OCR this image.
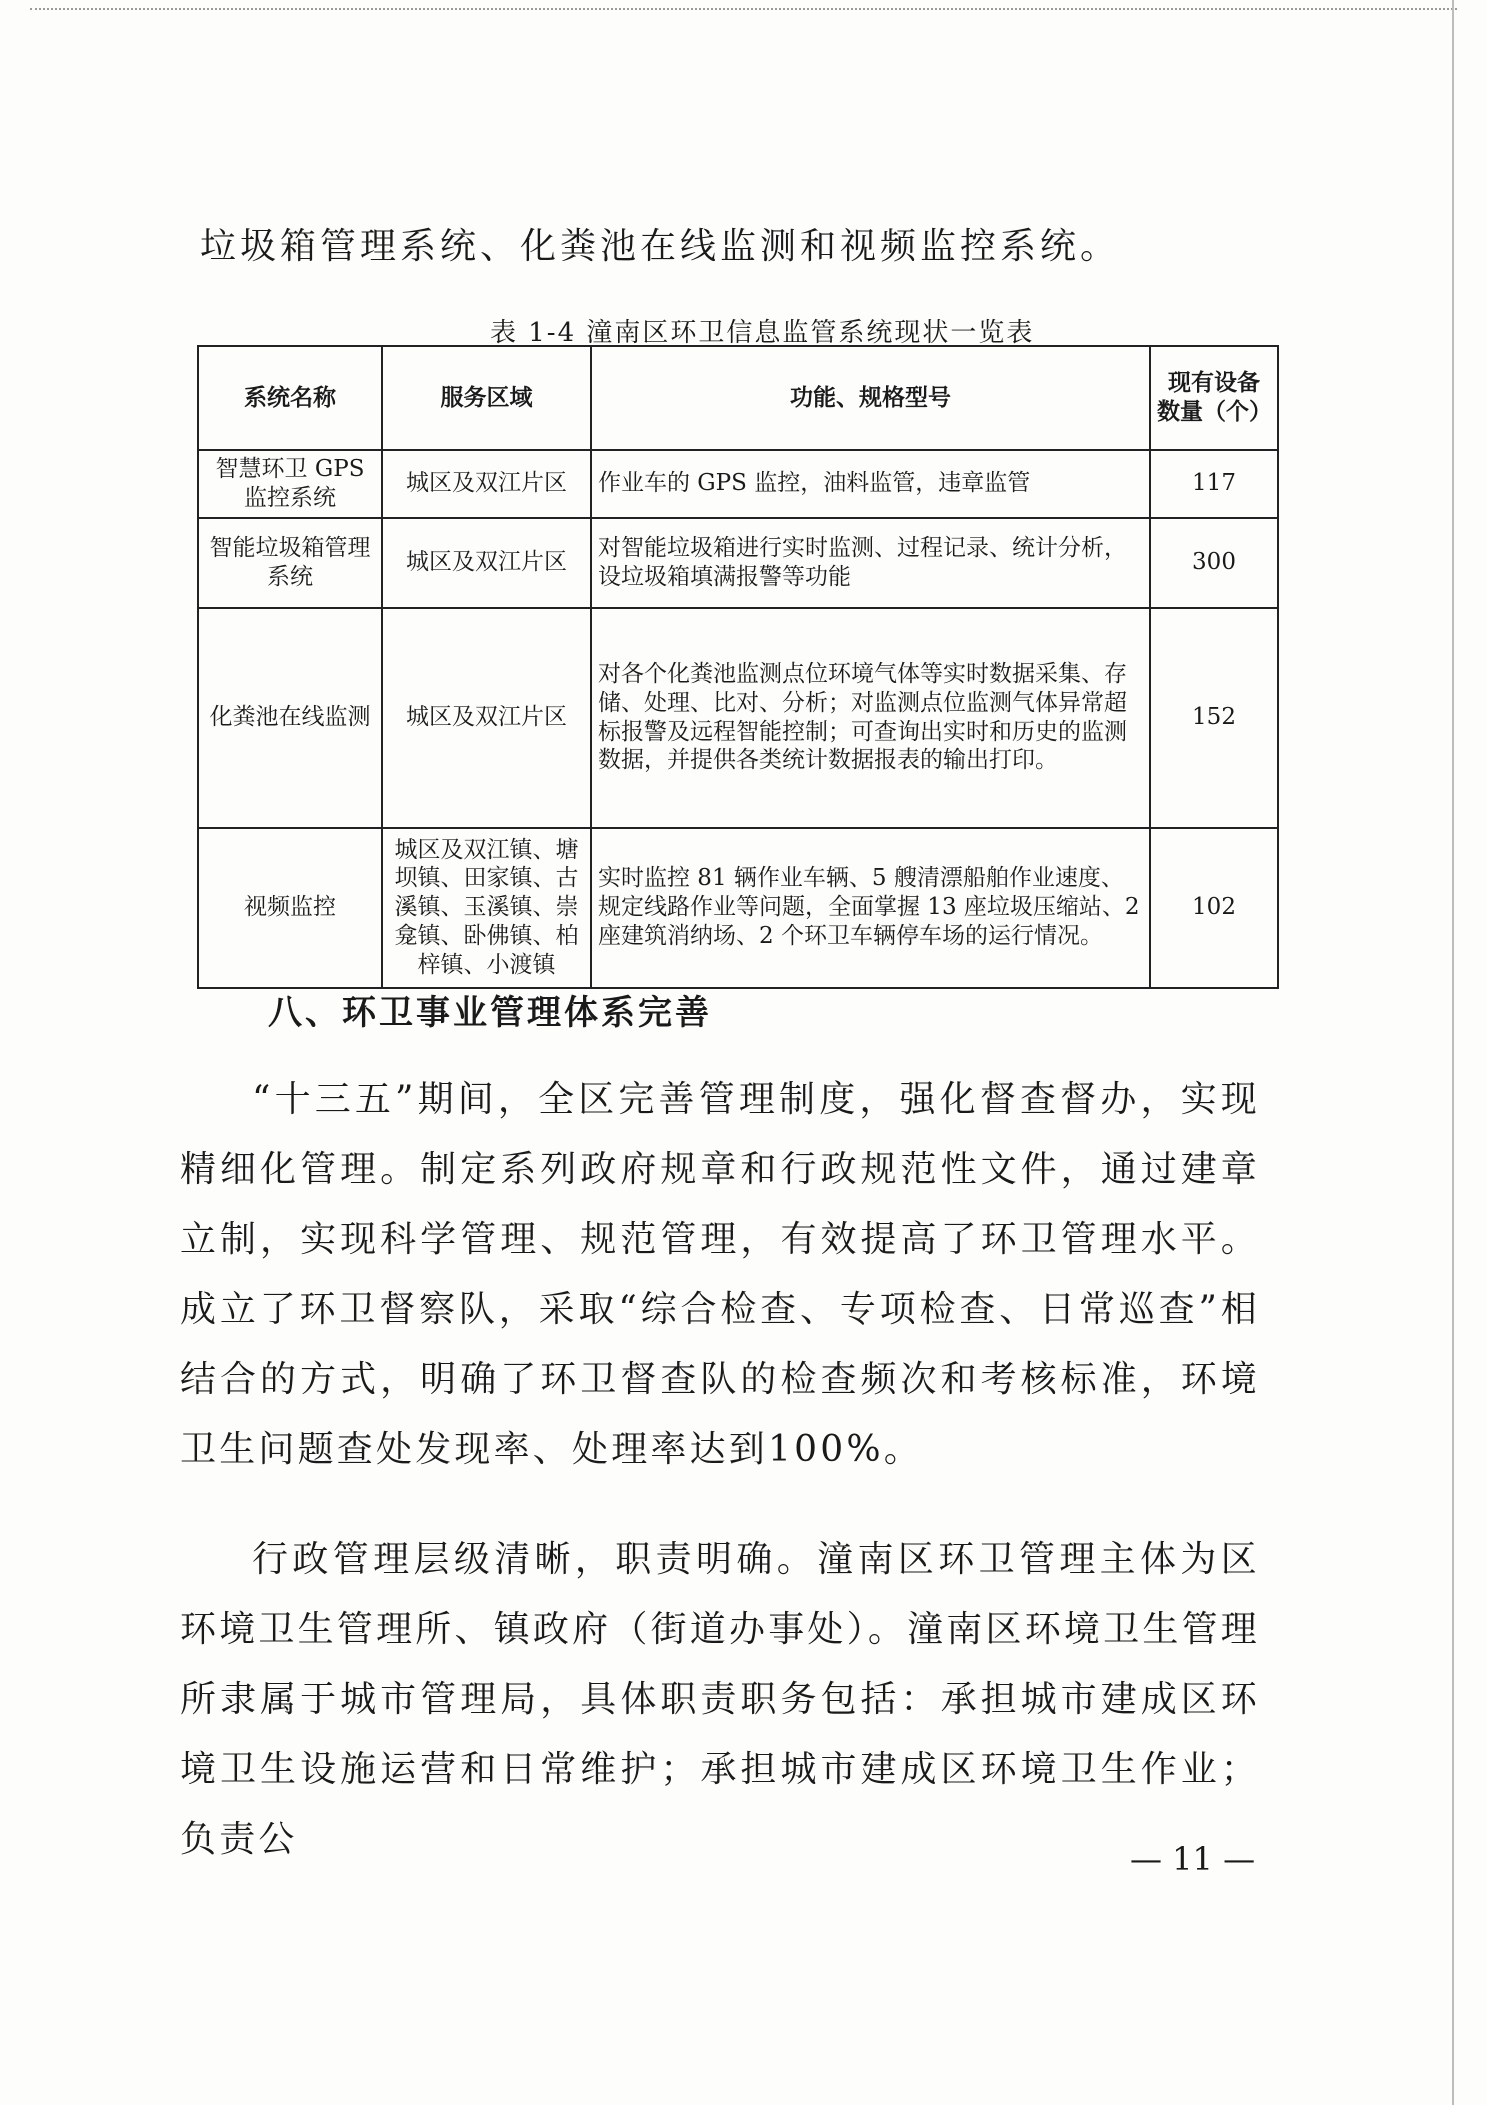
垃圾箱管理系统、化粪池在线监测和视频监控系统。

表 1-4 潼南区环卫信息监管系统现状一览表

系统名称	服务区域	功能、规格型号	现有设备数量（个）
智慧环卫 GPS 监控系统	城区及双江片区	作业车的 GPS 监控，油料监管，违章监管	117
智能垃圾箱管理系统	城区及双江片区	对智能垃圾箱进行实时监测、过程记录、统计分析，设垃圾箱填满报警等功能	300
化粪池在线监测	城区及双江片区	对各个化粪池监测点位环境气体等实时数据采集、存储、处理、比对、分析；对监测点位监测气体异常超标报警及远程智能控制；可查询出实时和历史的监测数据，并提供各类统计数据报表的输出打印。	152
视频监控	城区及双江镇、塘坝镇、田家镇、古溪镇、玉溪镇、崇龛镇、卧佛镇、柏梓镇、小渡镇	实时监控 81 辆作业车辆、5 艘清漂船舶作业速度、规定线路作业等问题，全面掌握 13 座垃圾压缩站、2 座建筑消纳场、2 个环卫车辆停车场的运行情况。	102
八、环卫事业管理体系完善

“十三五”期间，全区完善管理制度，强化督查督办，实现精细化管理。制定系列政府规章和行政规范性文件，通过建章立制，实现科学管理、规范管理，有效提高了环卫管理水平。成立了环卫督察队，采取“综合检查、专项检查、日常巡查”相结合的方式，明确了环卫督查队的检查频次和考核标准，环境卫生问题查处发现率、处理率达到100%。

行政管理层级清晰，职责明确。潼南区环卫管理主体为区环境卫生管理所、镇政府（街道办事处）。潼南区环境卫生管理所隶属于城市管理局，具体职责职务包括：承担城市建成区环境卫生设施运营和日常维护；承担城市建成区环境卫生作业；负责公	— 11 —
